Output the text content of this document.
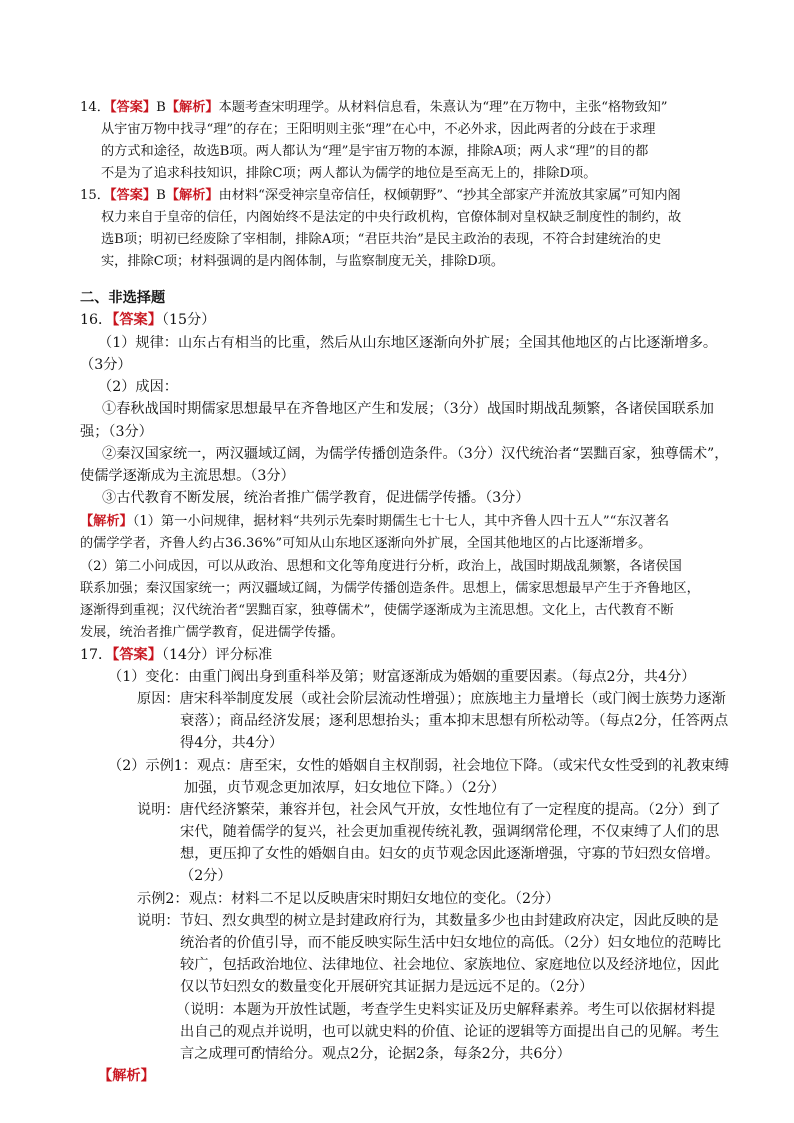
14．【答案】B【解析】本题考查宋明理学。从材料信息看，朱熹认为“理”在万物中，主张“格物致知”
从宇宙万物中找寻“理”的存在；王阳明则主张“理”在心中，不必外求，因此两者的分歧在于求理
的方式和途径，故选B项。两人都认为“理”是宇宙万物的本源，排除A项；两人求“理”的目的都
不是为了追求科技知识，排除C项；两人都认为儒学的地位是至高无上的，排除D项。
15．【答案】B【解析】由材料“深受神宗皇帝信任，权倾朝野”、“抄其全部家产并流放其家属”可知内阁
权力来自于皇帝的信任，内阁始终不是法定的中央行政机构，官僚体制对皇权缺乏制度性的制约，故
选B项；明初已经废除了宰相制，排除A项；“君臣共治”是民主政治的表现，不符合封建统治的史
实，排除C项；材料强调的是内阁体制，与监察制度无关，排除D项。
二、非选择题
16．【答案】（15分）
（1）规律：山东占有相当的比重，然后从山东地区逐渐向外扩展；全国其他地区的占比逐渐增多。
（3分）
（2）成因：
①春秋战国时期儒家思想最早在齐鲁地区产生和发展；（3分）战国时期战乱频繁，各诸侯国联系加
强；（3分）
②秦汉国家统一，两汉疆域辽阔，为儒学传播创造条件。（3分）汉代统治者“罢黜百家，独尊儒术”，
使儒学逐渐成为主流思想。（3分）
③古代教育不断发展，统治者推广儒学教育，促进儒学传播。（3分）
【解析】（1）第一小问规律，据材料“共列示先秦时期儒生七十七人，其中齐鲁人四十五人”“东汉著名
的儒学学者，齐鲁人约占36.36%”可知从山东地区逐渐向外扩展，全国其他地区的占比逐渐增多。
（2）第二小问成因，可以从政治、思想和文化等角度进行分析，政治上，战国时期战乱频繁，各诸侯国
联系加强；秦汉国家统一；两汉疆域辽阔，为儒学传播创造条件。思想上，儒家思想最早产生于齐鲁地区，
逐渐得到重视；汉代统治者“罢黜百家，独尊儒术”，使儒学逐渐成为主流思想。文化上，古代教育不断
发展，统治者推广儒学教育，促进儒学传播。
17．【答案】（14分）评分标准
（1）变化：由重门阀出身到重科举及第；财富逐渐成为婚姻的重要因素。（每点2分，共4分）
原因：唐宋科举制度发展（或社会阶层流动性增强）；庶族地主力量增长（或门阀士族势力逐渐
衰落）；商品经济发展；逐利思想抬头；重本抑末思想有所松动等。（每点2分，任答两点
得4分，共4分）
（2）示例1：观点：唐至宋，女性的婚姻自主权削弱，社会地位下降。（或宋代女性受到的礼教束缚
加强，贞节观念更加浓厚，妇女地位下降。）（2分）
说明：唐代经济繁荣，兼容并包，社会风气开放，女性地位有了一定程度的提高。（2分）到了
宋代，随着儒学的复兴，社会更加重视传统礼教，强调纲常伦理，不仅束缚了人们的思
想，更压抑了女性的婚姻自由。妇女的贞节观念因此逐渐增强，守寡的节妇烈女倍增。
（2分）
示例2：观点：材料二不足以反映唐宋时期妇女地位的变化。（2分）
说明：节妇、烈女典型的树立是封建政府行为，其数量多少也由封建政府决定，因此反映的是
统治者的价值引导，而不能反映实际生活中妇女地位的高低。（2分）妇女地位的范畴比
较广，包括政治地位、法律地位、社会地位、家族地位、家庭地位以及经济地位，因此
仅以节妇烈女的数量变化开展研究其证据力是远远不足的。（2分）
（说明：本题为开放性试题，考查学生史料实证及历史解释素养。考生可以依据材料提
出自己的观点并说明，也可以就史料的价值、论证的逻辑等方面提出自己的见解。考生
言之成理可酌情给分。观点2分，论据2条，每条2分，共6分）
【解析】
